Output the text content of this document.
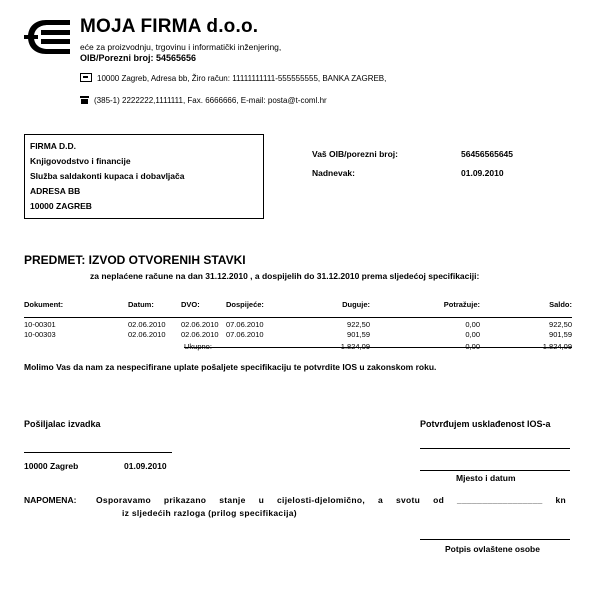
MOJA FIRMA d.o.o.
eće za proizvodnju, trgovinu i informatički inženjering,
OIB/Porezni broj: 54565656
10000 Zagreb, Adresa bb, Žiro račun: 11111111111-555555555, BANKA ZAGREB,
(385-1) 2222222,1111111, Fax. 6666666, E-mail: posta@t-coml.hr
FIRMA D.D.
Knjigovodstvo i financije
Služba saldakonti kupaca i dobavljača
ADRESA BB
10000 ZAGREB
Vaš OIB/porezni broj:	56456565645
Nadnevak:	01.09.2010
PREDMET: IZVOD OTVORENIH STAVKI
za neplaćene račune na dan 31.12.2010 , a dospijelih do 31.12.2010 prema sljedećoj specifikaciji:
Dokument:	Datum:	DVO:	Dospijeće:	Duguje:	Potražuje:	Saldo:
10-00301	02.06.2010 02.06.2010 07.06.2010	922,50	0,00	922,50
10-00303	02.06.2010 02.06.2010 07.06.2010	901,59	0,00	901,59
Ukupno:	1.824,09	0,00	1.824,09
Molimo Vas da nam za nespecifirane uplate pošaljete specifikaciju te potvrdite IOS u zakonskom roku.
Pošiljalac izvadka	Potvrđujem usklađenost IOS-a
10000 Zagreb	01.09.2010
Mjesto i datum
NAPOMENA: Osporavamo prikazano stanje u cijelosti-djelomično, a svotu od _________________ kn
iz sljedećih razloga (prilog specifikacija)
Potpis ovlaštene osobe
